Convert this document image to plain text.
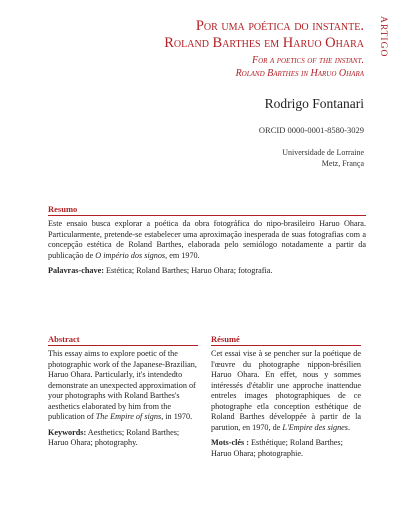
ARTIGO
Por uma poética do instante.
Roland Barthes em Haruo Ohara
For a poetics of the instant.
Roland Barthes in Haruo Ohara
Rodrigo Fontanari
ORCID 0000-0001-8580-3029
Universidade de Lorraine
Metz, França
Resumo

Este ensaio busca explorar a poética da obra fotográfica do nipo-brasileiro Haruo Ohara. Particularmente, pretende-se estabelecer uma aproximação inesperada de suas fotografias com a concepção estética de Roland Barthes, elaborada pelo semiólogo notadamente a partir da publicação de O império dos signos, em 1970.

Palavras-chave: Estética; Roland Barthes; Haruo Ohara; fotografia.
Abstract

This essay aims to explore poetic of the photographic work of the Japanese-Brazilian, Haruo Ohara. Particularly, it's intendedto demonstrate an unexpected approximation of your photographs with Roland Barthes's aesthetics elaborated by him from the publication of The Empire of signs, in 1970.

Keywords: Aesthetics; Roland Barthes; Haruo Ohara; photography.
Résumé

Cet essai vise à se pencher sur la poétique de l'œuvre du photographe nippon-brésilien Haruo Ohara. En effet, nous y sommes intéressés d'établir une approche inattendue entreles images photographiques de ce photographe etla conception esthétique de Roland Barthes développée à partir de la parution, en 1970, de L'Empire des signes.

Mots-clés : Esthétique; Roland Barthes; Haruo Ohara; photographie.
